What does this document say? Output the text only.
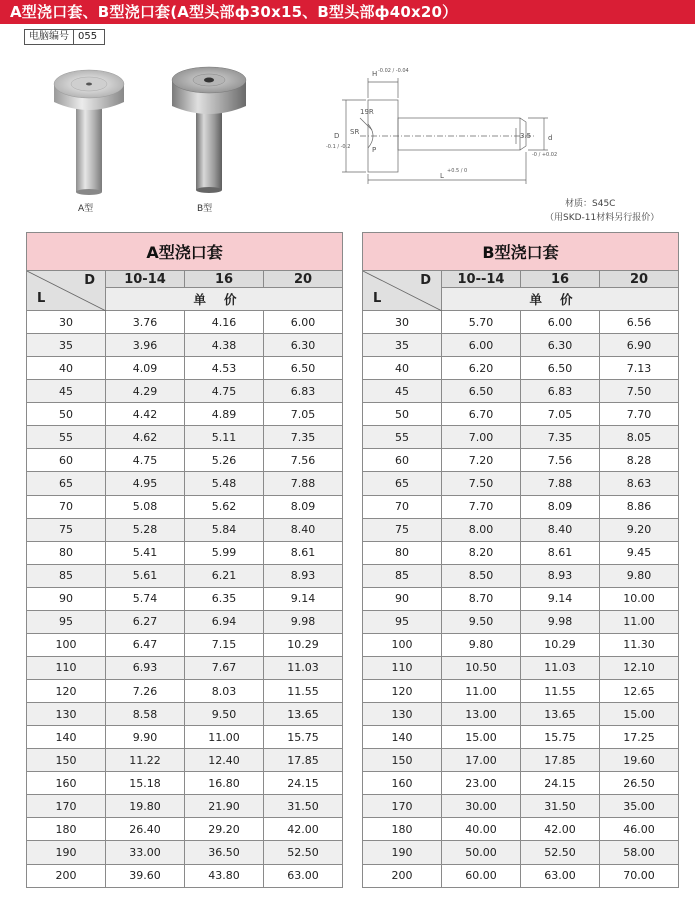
A型浇口套、B型浇口套(A型头部ф30x15、B型头部ф40x20）
电脑编号 055
A型	B型
H -0.02 / -0.04
D
-0.1 / -0.2
SR
19R
P
3.5 d
-0 / +0.02
L
+0.5 / 0
材质：S45C
（用SKD-11材料另行报价）
A型浇口套			

D
L	10-14	16	20
	单价		
30	3.76	4.16	6.00
35	3.96	4.38	6.30
40	4.09	4.53	6.50
45	4.29	4.75	6.83
50	4.42	4.89	7.05
55	4.62	5.11	7.35
60	4.75	5.26	7.56
65	4.95	5.48	7.88
70	5.08	5.62	8.09
75	5.28	5.84	8.40
80	5.41	5.99	8.61
85	5.61	6.21	8.93
90	5.74	6.35	9.14
95	6.27	6.94	9.98
100	6.47	7.15	10.29
110	6.93	7.67	11.03
120	7.26	8.03	11.55
130	8.58	9.50	13.65
140	9.90	11.00	15.75
150	11.22	12.40	17.85
160	15.18	16.80	24.15
170	19.80	21.90	31.50
180	26.40	29.20	42.00
190	33.00	36.50	52.50
200	39.60	43.80	63.00
B型浇口套			

D
L	10--14	16	20
	单价		
30	5.70	6.00	6.56
35	6.00	6.30	6.90
40	6.20	6.50	7.13
45	6.50	6.83	7.50
50	6.70	7.05	7.70
55	7.00	7.35	8.05
60	7.20	7.56	8.28
65	7.50	7.88	8.63
70	7.70	8.09	8.86
75	8.00	8.40	9.20
80	8.20	8.61	9.45
85	8.50	8.93	9.80
90	8.70	9.14	10.00
95	9.50	9.98	11.00
100	9.80	10.29	11.30
110	10.50	11.03	12.10
120	11.00	11.55	12.65
130	13.00	13.65	15.00
140	15.00	15.75	17.25
150	17.00	17.85	19.60
160	23.00	24.15	26.50
170	30.00	31.50	35.00
180	40.00	42.00	46.00
190	50.00	52.50	58.00
200	60.00	63.00	70.00
